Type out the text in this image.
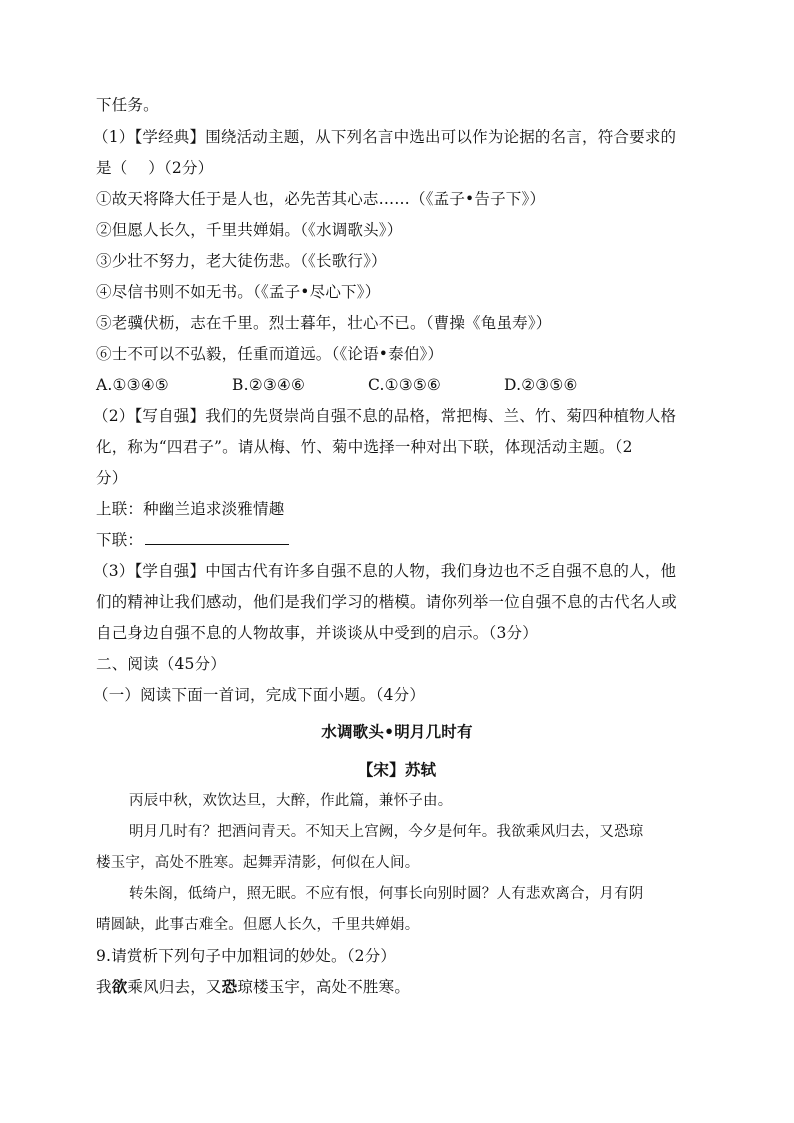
下任务。
（1）【学经典】围绕活动主题，从下列名言中选出可以作为论据的名言，符合要求的
是（　 ）（2分）
①故天将降大任于是人也，必先苦其心志……（《孟子•告子下》）
②但愿人长久，千里共婵娟。（《水调歌头》）
③少壮不努力，老大徒伤悲。（《长歌行》）
④尽信书则不如无书。（《孟子•尽心下》）
⑤老骥伏枥，志在千里。烈士暮年，壮心不已。（曹操《龟虽寿》）
⑥士不可以不弘毅，任重而道远。（《论语•泰伯》）
A.①③④⑤	B.②③④⑥	C.①③⑤⑥	D.②③⑤⑥
（2）【写自强】我们的先贤崇尚自强不息的品格，常把梅、兰、竹、菊四种植物人格
化，称为“四君子”。请从梅、竹、菊中选择一种对出下联，体现活动主题。（2
分）
上联：种幽兰追求淡雅情趣
下联：
（3）【学自强】中国古代有许多自强不息的人物，我们身边也不乏自强不息的人，他
们的精神让我们感动，他们是我们学习的楷模。请你列举一位自强不息的古代名人或
自己身边自强不息的人物故事，并谈谈从中受到的启示。（3分）
二、阅读（45分）
（一）阅读下面一首词，完成下面小题。（4分）
水调歌头•明月几时有
【宋】苏轼
丙辰中秋，欢饮达旦，大醉，作此篇，兼怀子由。
明月几时有？把酒问青天。不知天上宫阙，今夕是何年。我欲乘风归去，又恐琼
楼玉宇，高处不胜寒。起舞弄清影，何似在人间。
转朱阁，低绮户，照无眠。不应有恨，何事长向别时圆？人有悲欢离合，月有阴
晴圆缺，此事古难全。但愿人长久，千里共婵娟。
9.请赏析下列句子中加粗词的妙处。（2分）
我欲乘风归去，又恐琼楼玉宇，高处不胜寒。
